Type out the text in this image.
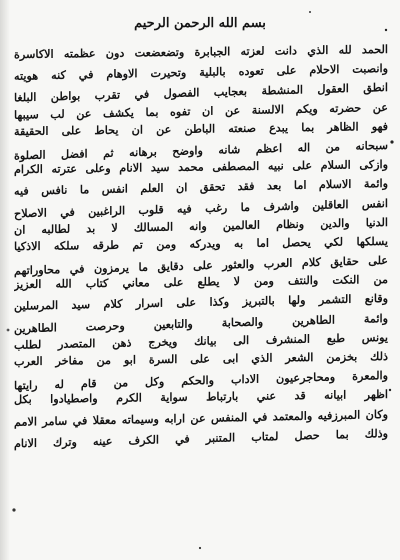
بسم الله الرحمن الرحيم
الحمد لله الذي دانت لعزته الجبابرة وتضعضعت دون عظمته الاكاسرة
وانصبت الاحلام على تعوده بالبلية وتحيرت الاوهام في كنه هويته
انطق العقول المنشطة بعجايب الفصول في تقرب بواطن البلغا
عن حضرته ويكم الالسنة عن ان تفوه بما يكشف عن لب سيبها
فهو الظاهر بما يبدع صنعته الباطن عن ان يحاط على الحقيقة
سبحانه من اله اعظم شانه واوضح برهانه ثم افضل الصلوة
وازكى السلام على نبيه المصطفى محمد سيد الانام وعلى عترته الكرام
وائمة الاسلام اما بعد فقد تحقق ان العلم انفس ما نافس فيه
انفس العاقلين واشرف ما رغب فيه قلوب الراغبين في الاصلاح
الدنيا والدين ونظام العالمين وانه المسالك لا بد لطالبه ان
يسلكها لكي يحصل اما به ويدركه ومن تم طرقه سلكه الاذكيا
على حقايق كلام العرب والعثور على دقايق ما يرمزون في محاوراتهم
من النكت والنتف ومن لا يطلع على معاني كتاب الله العزيز
وقانع التشمر ولها بالتبريز وكذا على اسرار كلام سيد المرسلين
وائمة الطاهرين والصحابة والتابعين وحرصت الطاهرين
يونس طبع المنشرف الى بيانك ويخرج ذهن المتصدر لطلب
ذلك بخزمن الشعر الذي ابى على السرة ابو من مفاخر العرب
والمعرة ومحاجرعيون الاداب والحكم وكل من قام له رايتها
اظهر ابيانه قد عني بارتباط سواية الكرم واصطيادوا بكل
وكان المبرزفيه والمعتمد في المنفس عن ارابه وسيماته معقلا في سامر الامم
وذلك بما حصل لمتاب المتنبر في الكرف عينه وترك الانام
